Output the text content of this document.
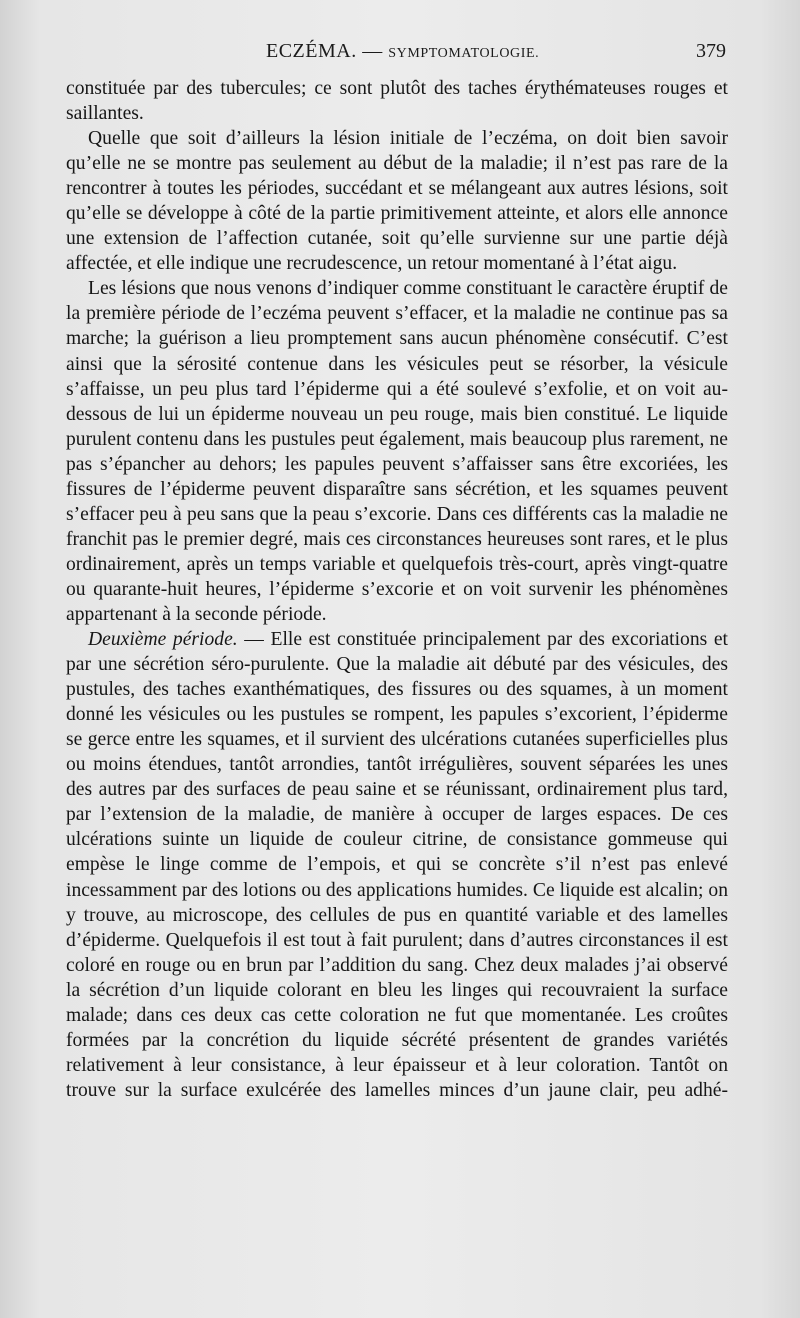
ECZÉMA. — SYMPTOMATOLOGIE.	379

constituée par des tubercules; ce sont plutôt des taches érythémateuses rouges et saillantes.

Quelle que soit d’ailleurs la lésion initiale de l’eczéma, on doit bien savoir qu’elle ne se montre pas seulement au début de la maladie; il n’est pas rare de la rencontrer à toutes les périodes, succédant et se mélangeant aux autres lésions, soit qu’elle se développe à côté de la partie primitivement atteinte, et alors elle annonce une extension de l’affection cutanée, soit qu’elle survienne sur une partie déjà affectée, et elle indique une recrudescence, un retour momentané à l’état aigu.

Les lésions que nous venons d’indiquer comme constituant le caractère éruptif de la première période de l’eczéma peuvent s’effacer, et la maladie ne continue pas sa marche; la guérison a lieu promptement sans aucun phénomène consécutif. C’est ainsi que la sérosité contenue dans les vésicules peut se résorber, la vésicule s’affaisse, un peu plus tard l’épiderme qui a été soulevé s’exfolie, et on voit au-dessous de lui un épiderme nouveau un peu rouge, mais bien constitué. Le liquide purulent contenu dans les pustules peut également, mais beaucoup plus rarement, ne pas s’épancher au dehors; les papules peuvent s’affaisser sans être excoriées, les fissures de l’épiderme peuvent disparaître sans sécrétion, et les squames peuvent s’effacer peu à peu sans que la peau s’excorie. Dans ces différents cas la maladie ne franchit pas le premier degré, mais ces circonstances heureuses sont rares, et le plus ordinairement, après un temps variable et quelquefois très-court, après vingt-quatre ou quarante-huit heures, l’épiderme s’excorie et on voit survenir les phénomènes appartenant à la seconde période.

Deuxième période. — Elle est constituée principalement par des excoriations et par une sécrétion séro-purulente. Que la maladie ait débuté par des vésicules, des pustules, des taches exanthématiques, des fissures ou des squames, à un moment donné les vésicules ou les pustules se rompent, les papules s’excorient, l’épiderme se gerce entre les squames, et il survient des ulcérations cutanées superficielles plus ou moins étendues, tantôt arrondies, tantôt irrégulières, souvent séparées les unes des autres par des surfaces de peau saine et se réunissant, ordinairement plus tard, par l’extension de la maladie, de manière à occuper de larges espaces. De ces ulcérations suinte un liquide de couleur citrine, de consistance gommeuse qui empèse le linge comme de l’empois, et qui se concrète s’il n’est pas enlevé incessamment par des lotions ou des applications humides. Ce liquide est alcalin; on y trouve, au microscope, des cellules de pus en quantité variable et des lamelles d’épiderme. Quelquefois il est tout à fait purulent; dans d’autres circonstances il est coloré en rouge ou en brun par l’addition du sang. Chez deux malades j’ai observé la sécrétion d’un liquide colorant en bleu les linges qui recouvraient la surface malade; dans ces deux cas cette coloration ne fut que momentanée. Les croûtes formées par la concrétion du liquide sécrété présentent de grandes variétés relativement à leur consistance, à leur épaisseur et à leur coloration. Tantôt on trouve sur la surface exulcérée des lamelles minces d’un jaune clair, peu adhé-
